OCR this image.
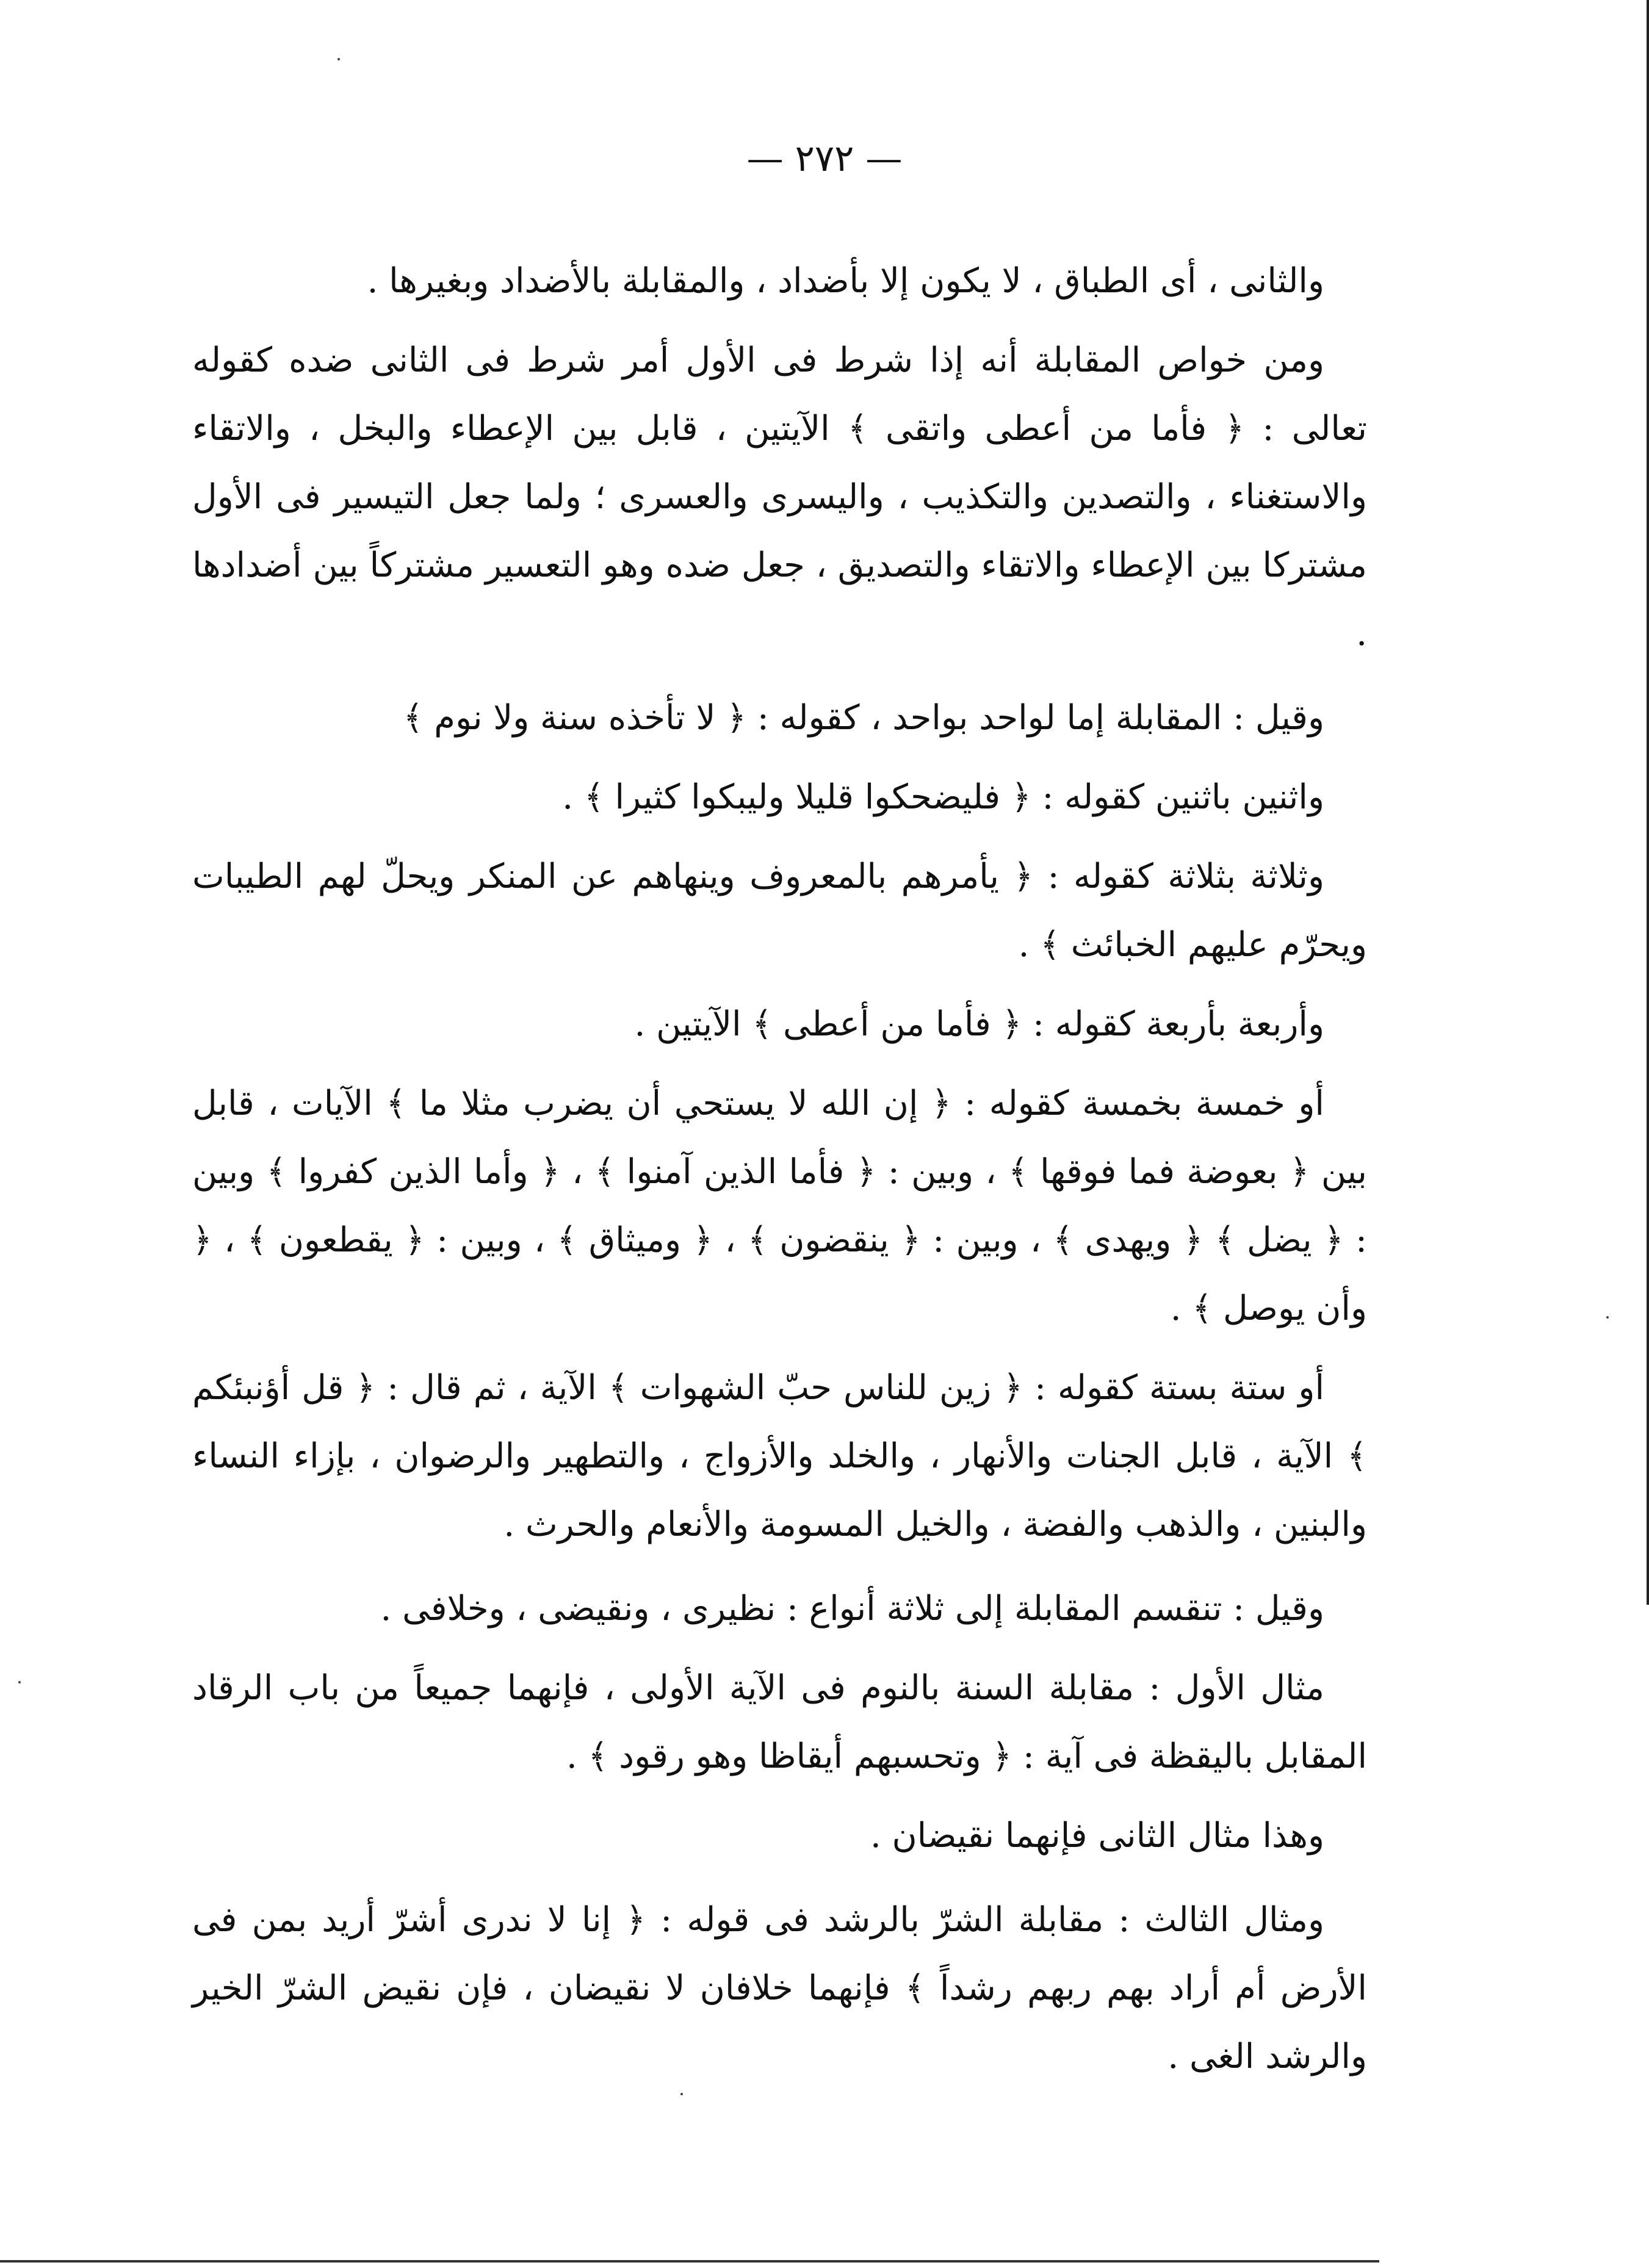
— ٢٧٢ —

والثانى ، أى الطباق ، لا يكون إلا بأضداد ، والمقابلة بالأضداد وبغيرها .

ومن خواص المقابلة أنه إذا شرط فى الأول أمر شرط فى الثانى ضده كقوله تعالى : ﴿ فأما من أعطى واتقى ﴾ الآيتين ، قابل بين الإعطاء والبخل ، والاتقاء والاستغناء ، والتصدين والتكذيب ، واليسرى والعسرى ؛ ولما جعل التيسير فى الأول مشتركا بين الإعطاء والاتقاء والتصديق ، جعل ضده وهو التعسير مشتركاً بين أضدادها .

وقيل : المقابلة إما لواحد بواحد ، كقوله : ﴿ لا تأخذه سنة ولا نوم ﴾

واثنين باثنين كقوله : ﴿ فليضحكوا قليلا وليبكوا كثيرا ﴾ .

وثلاثة بثلاثة كقوله : ﴿ يأمرهم بالمعروف وينهاهم عن المنكر ويحلّ لهم الطيبات ويحرّم عليهم الخبائث ﴾ .

وأربعة بأربعة كقوله : ﴿ فأما من أعطى ﴾ الآيتين .

أو خمسة بخمسة كقوله : ﴿ إن الله لا يستحي أن يضرب مثلا ما ﴾ الآيات ، قابل بين ﴿ بعوضة فما فوقها ﴾ ، وبين : ﴿ فأما الذين آمنوا ﴾ ، ﴿ وأما الذين كفروا ﴾ وبين : ﴿ يضل ﴾ ﴿ ويهدى ﴾ ، وبين : ﴿ ينقضون ﴾ ، ﴿ وميثاق ﴾ ، وبين : ﴿ يقطعون ﴾ ، ﴿ وأن يوصل ﴾ .

أو ستة بستة كقوله : ﴿ زين للناس حبّ الشهوات ﴾ الآية ، ثم قال : ﴿ قل أؤنبئكم ﴾ الآية ، قابل الجنات والأنهار ، والخلد والأزواج ، والتطهير والرضوان ، بإزاء النساء والبنين ، والذهب والفضة ، والخيل المسومة والأنعام والحرث .

وقيل : تنقسم المقابلة إلى ثلاثة أنواع : نظيرى ، ونقيضى ، وخلافى .

مثال الأول : مقابلة السنة بالنوم فى الآية الأولى ، فإنهما جميعاً من باب الرقاد المقابل باليقظة فى آية : ﴿ وتحسبهم أيقاظا وهو رقود ﴾ .

وهذا مثال الثانى فإنهما نقيضان .

ومثال الثالث : مقابلة الشرّ بالرشد فى قوله : ﴿ إنا لا ندرى أشرّ أريد بمن فى الأرض أم أراد بهم ربهم رشداً ﴾ فإنهما خلافان لا نقيضان ، فإن نقيض الشرّ الخير والرشد الغى .
